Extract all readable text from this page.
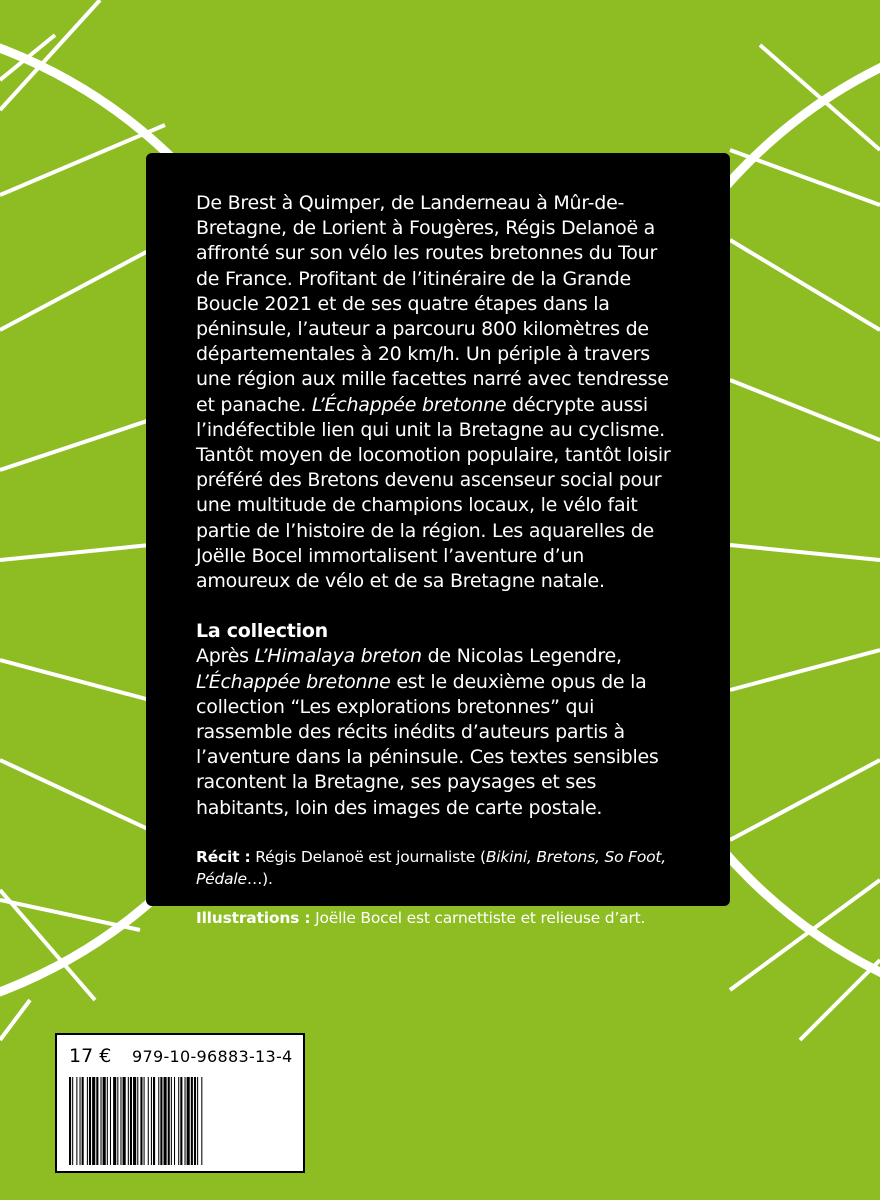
De Brest à Quimper, de Landerneau à Mûr-de-Bretagne, de Lorient à Fougères, Régis Delanoë a affronté sur son vélo les routes bretonnes du Tour de France. Profitant de l’itinéraire de la Grande Boucle 2021 et de ses quatre étapes dans la péninsule, l’auteur a parcouru 800 kilomètres de départementales à 20 km/h. Un périple à travers une région aux mille facettes narré avec tendresse et panache. L’Échappée bretonne décrypte aussi l’indéfectible lien qui unit la Bretagne au cyclisme. Tantôt moyen de locomotion populaire, tantôt loisir préféré des Bretons devenu ascenseur social pour une multitude de champions locaux, le vélo fait partie de l’histoire de la région. Les aquarelles de Joëlle Bocel immortalisent l’aventure d’un amoureux de vélo et de sa Bretagne natale.

La collection

Après L’Himalaya breton de Nicolas Legendre, L’Échappée bretonne est le deuxième opus de la collection “Les explorations bretonnes” qui rassemble des récits inédits d’auteurs partis à l’aventure dans la péninsule. Ces textes sensibles racontent la Bretagne, ses paysages et ses habitants, loin des images de carte postale.

Récit : Régis Delanoë est journaliste (Bikini, Bretons, So Foot, Pédale…).

Illustrations : Joëlle Bocel est carnettiste et relieuse d’art.

17 € 979-10-96883-13-4
